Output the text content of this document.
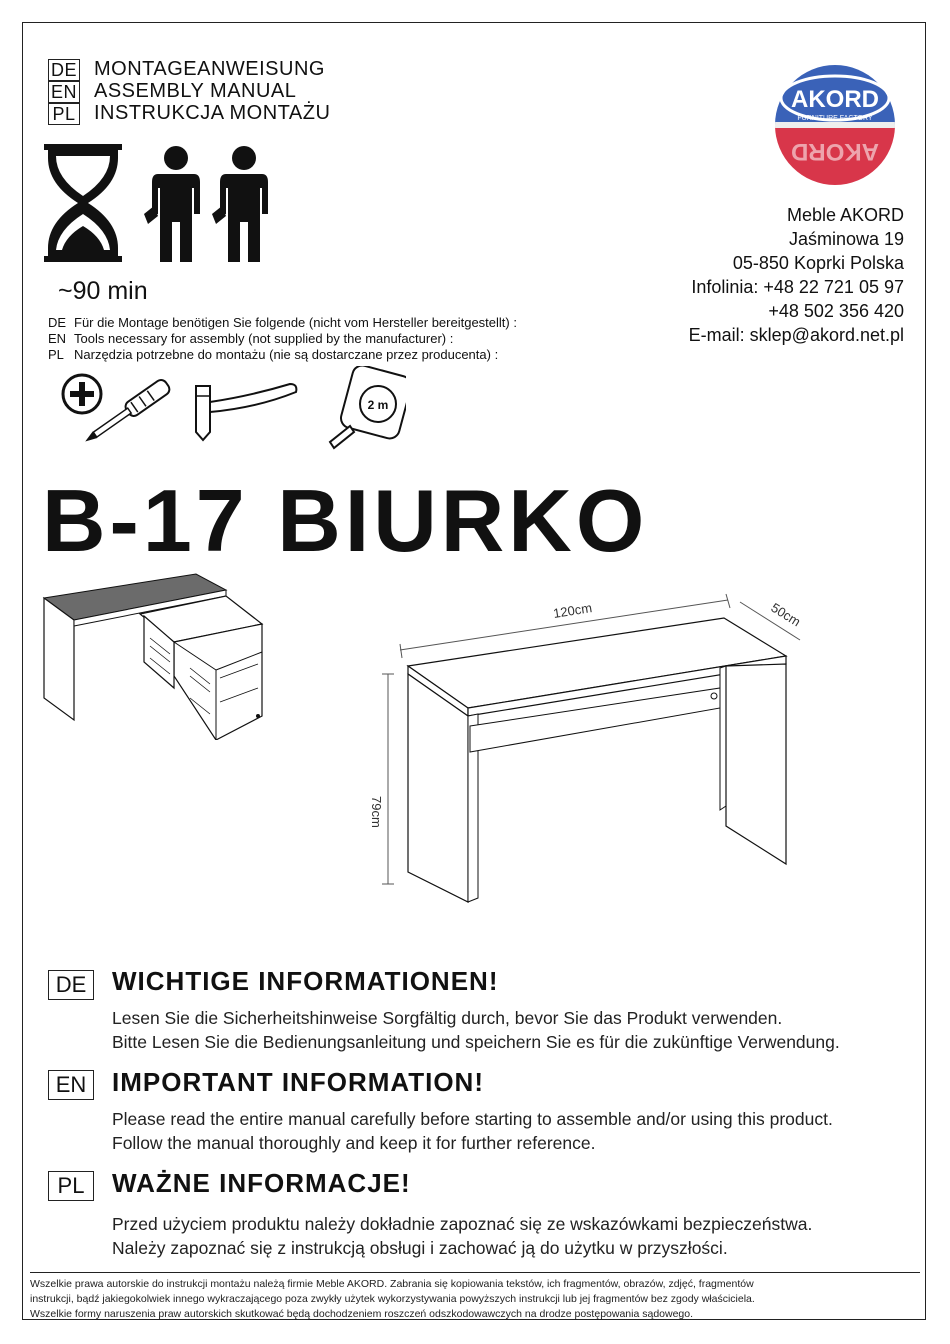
DE MONTAGEANWEISUNG
EN ASSEMBLY MANUAL
PL INSTRUKCJA MONTAŻU
~90 min
AKORD
FURNITURE FACTORY
AKORD
Meble AKORD
Jaśminowa 19
05-850 Koprki Polska
Infolinia: +48 22 721 05 97
+48 502 356 420
E-mail: sklep@akord.net.pl
DE Für die Montage benötigen Sie folgende (nicht vom Hersteller bereitgestellt) :
EN Tools necessary for assembly (not supplied by the manufacturer) :
PL Narzędzia potrzebne do montażu (nie są dostarczane przez producenta) :
2 m
B-17 BIURKO
120cm	50cm
79cm
DE WICHTIGE INFORMATIONEN!
Lesen Sie die Sicherheitshinweise Sorgfältig durch, bevor Sie das Produkt verwenden.
Bitte Lesen Sie die Bedienungsanleitung und speichern Sie es für die zukünftige Verwendung.
EN IMPORTANT INFORMATION!
Please read the entire manual carefully before starting to assemble and/or using this product.
Follow the manual thoroughly and keep it for further reference.
PL	WAŻNE INFORMACJE!
Przed użyciem produktu należy dokładnie zapoznać się ze wskazówkami bezpieczeństwa.
Należy zapoznać się z instrukcją obsługi i zachować ją do użytku w przyszłości.
Wszelkie prawa autorskie do instrukcji montażu należą firmie Meble AKORD. Zabrania się kopiowania tekstów, ich fragmentów, obrazów, zdjęć, fragmentów
instrukcji, bądź jakiegokolwiek innego wykraczającego poza zwykły użytek wykorzystywania powyższych instrukcji lub jej fragmentów bez zgody właściciela.
Wszelkie formy naruszenia praw autorskich skutkować będą dochodzeniem roszczeń odszkodowawczych na drodze postępowania sądowego.
